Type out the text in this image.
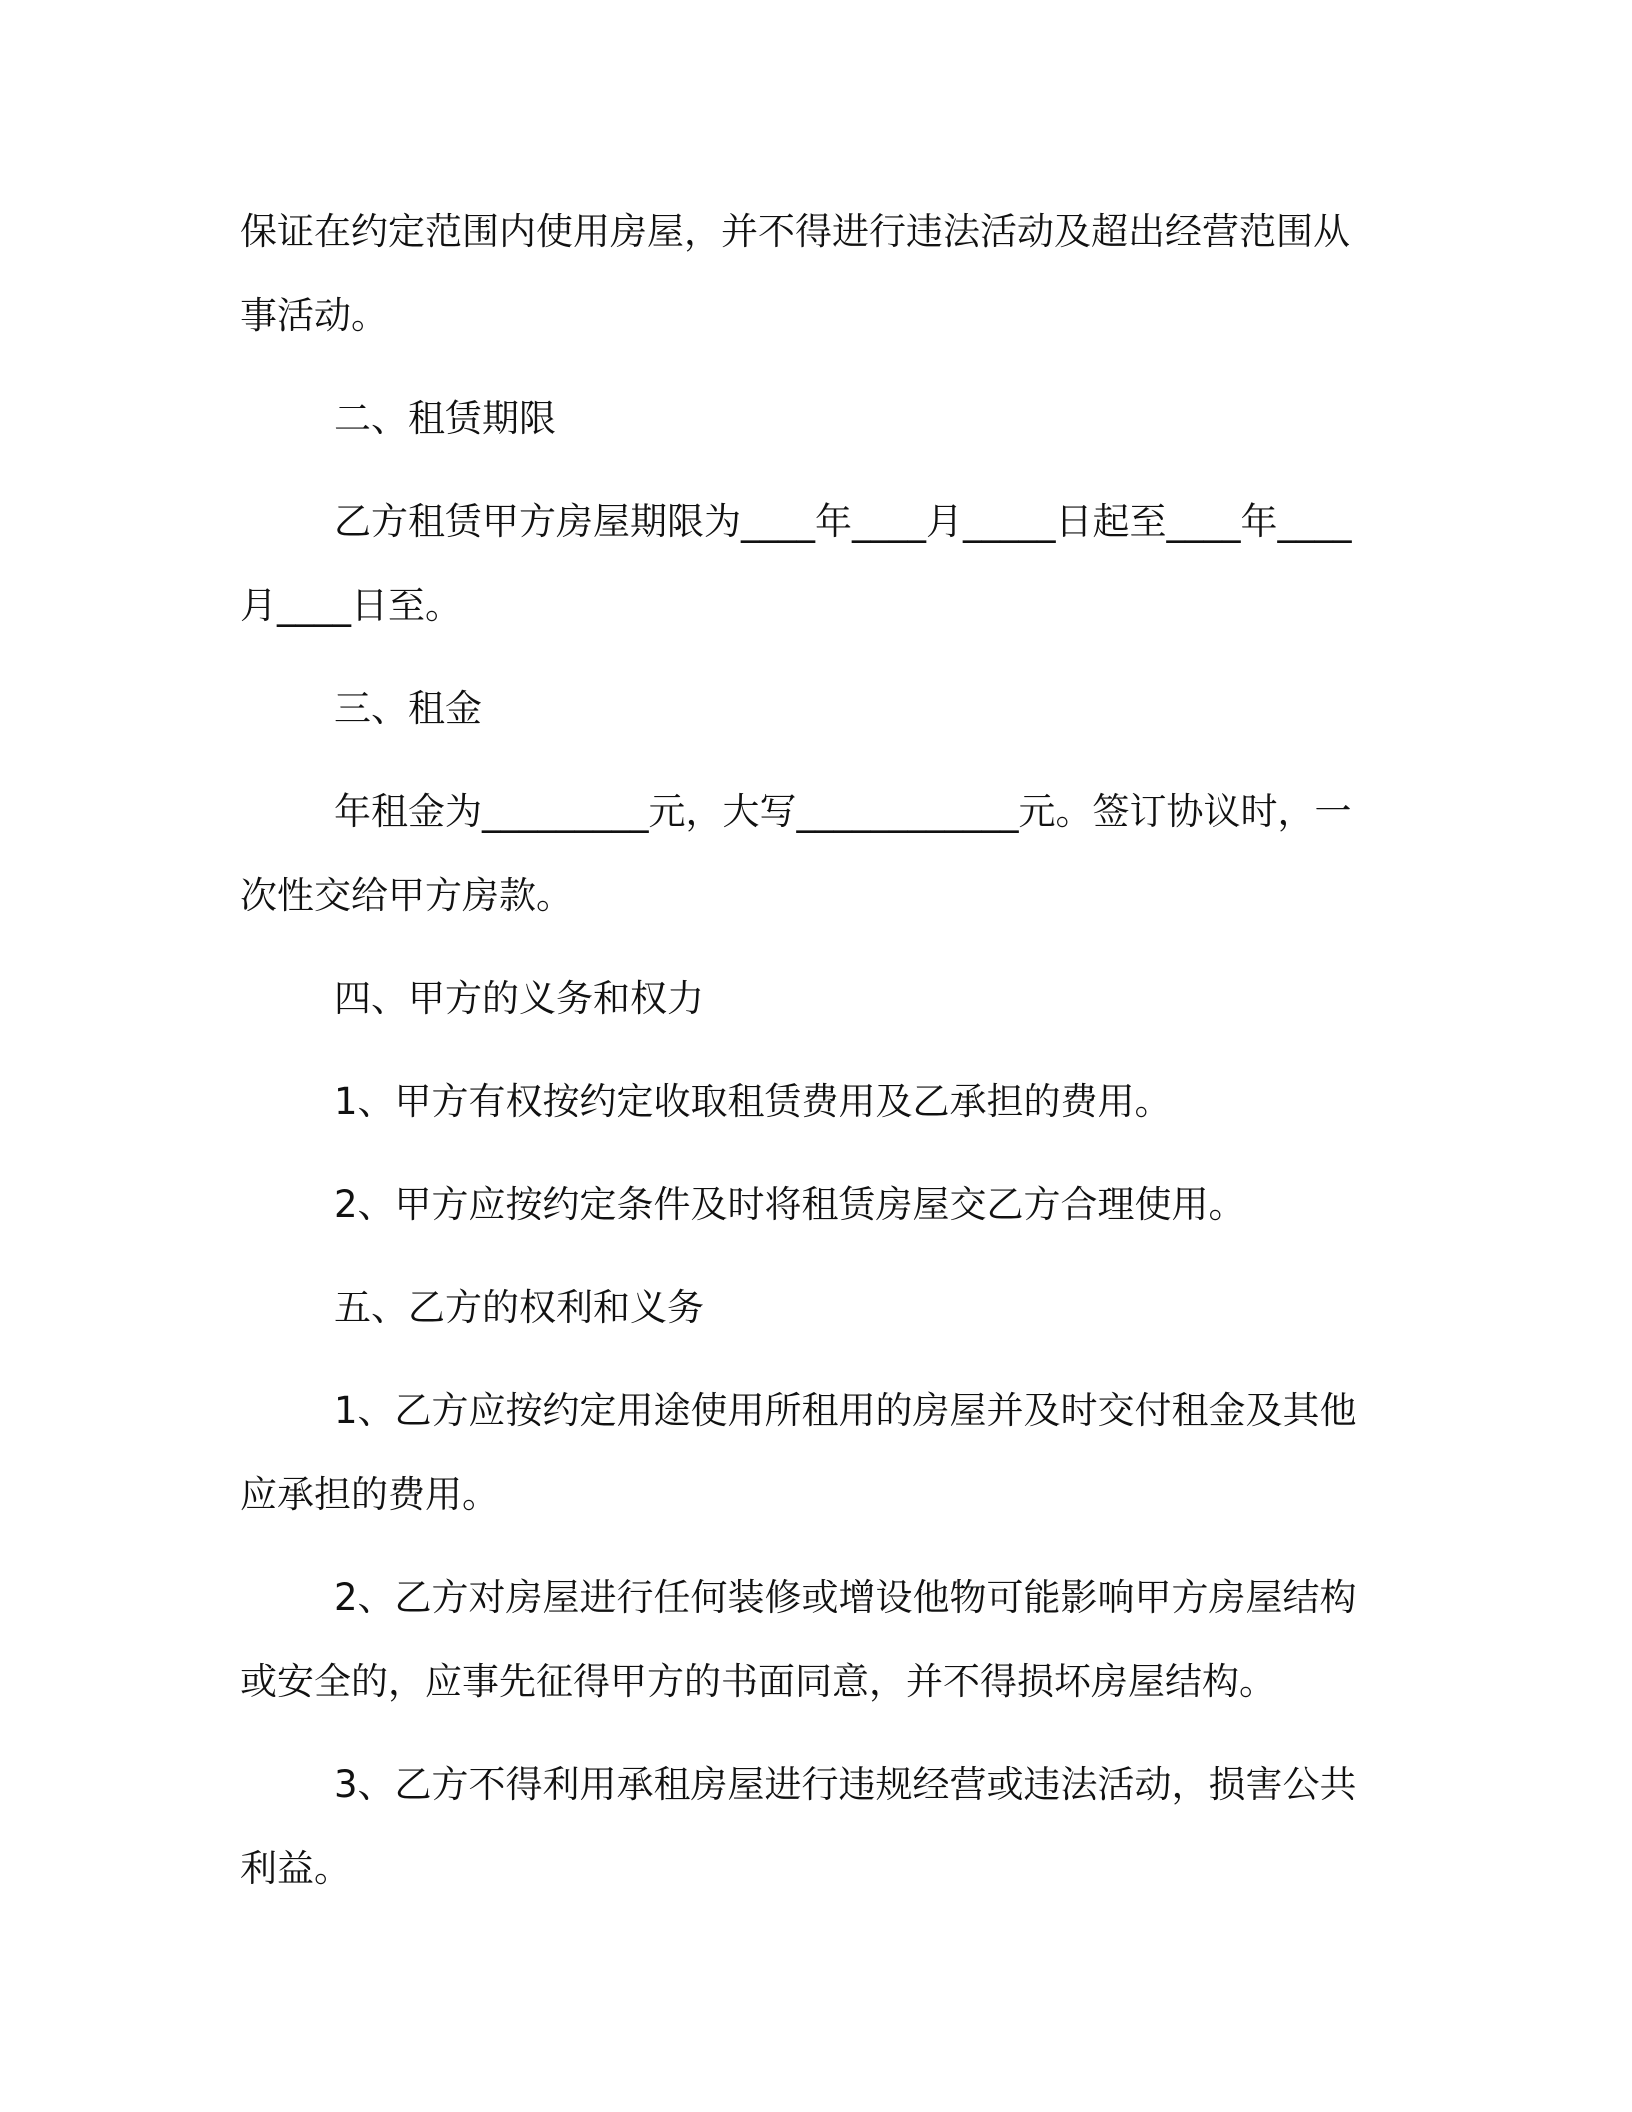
保证在约定范围内使用房屋，并不得进行违法活动及超出经营范围从事活动。

二、租赁期限

乙方租赁甲方房屋期限为____年____月_____日起至____年____月____日至。

三、租金

年租金为_________元，大写____________元。签订协议时，一次性交给甲方房款。

四、甲方的义务和权力

1、甲方有权按约定收取租赁费用及乙承担的费用。

2、甲方应按约定条件及时将租赁房屋交乙方合理使用。

五、乙方的权利和义务

1、乙方应按约定用途使用所租用的房屋并及时交付租金及其他应承担的费用。

2、乙方对房屋进行任何装修或增设他物可能影响甲方房屋结构或安全的，应事先征得甲方的书面同意，并不得损坏房屋结构。

3、乙方不得利用承租房屋进行违规经营或违法活动，损害公共利益。
